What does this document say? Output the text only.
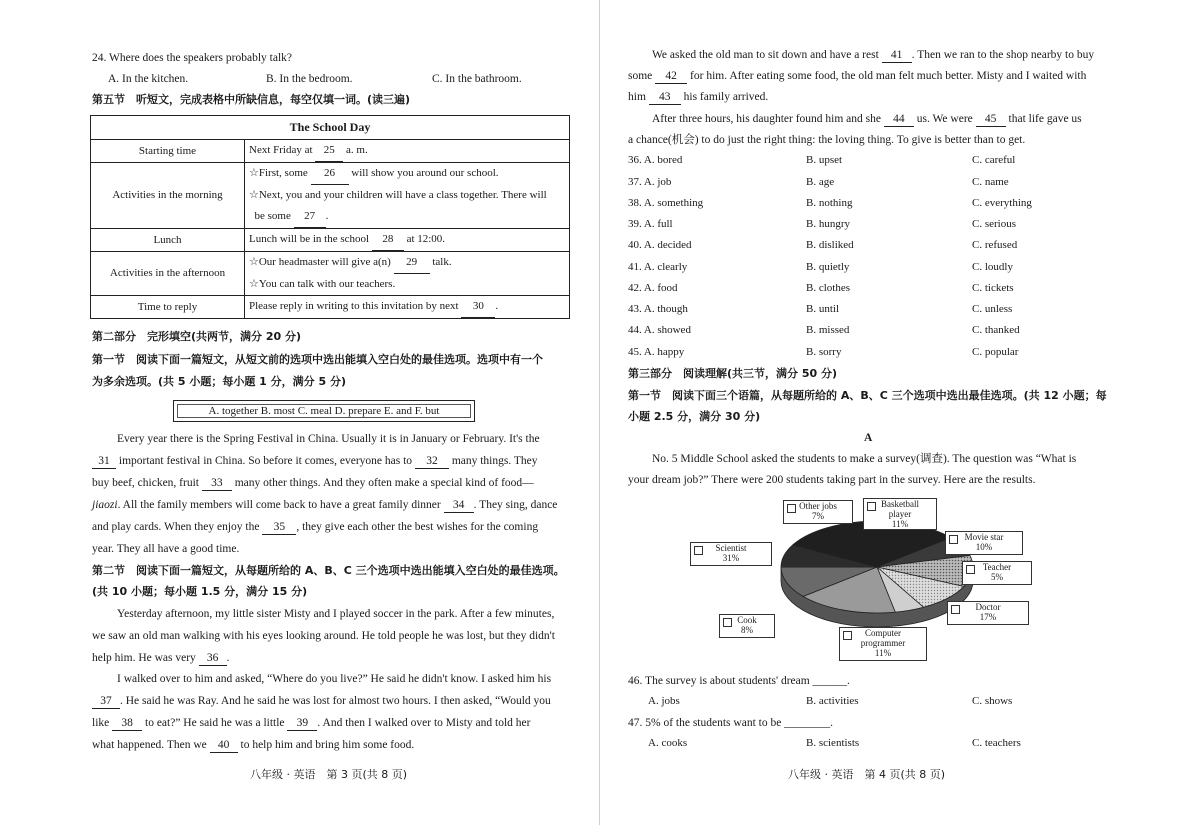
24. Where does the speakers probably talk?
A. In the kitchen.	B. In the bedroom.	C. In the bathroom.
第五节　听短文，完成表格中所缺信息，每空仅填一词。(读三遍)
The School Day	
Starting time	Next Friday at 25 a. m.
Activities in the morning	☆First, some 26 will show you around our school.
☆Next, you and your children will have a class together. There will
be some 27 .

Lunch	Lunch will be in the school 28 at 12:00.
Activities in the afternoon	☆Our headmaster will give a(n) 29 talk.
☆You can talk with our teachers.

Time to reply	Please reply in writing to this invitation by next 30 .
第二部分　完形填空(共两节，满分 20 分)
第一节　阅读下面一篇短文，从短文前的选项中选出能填入空白处的最佳选项。选项中有一个
为多余选项。(共 5 小题；每小题 1 分，满分 5 分)
A. together B. most C. meal D. prepare E. and F. but
Every year there is the Spring Festival in China. Usually it is in January or February. It's the
31 important festival in China. So before it comes, everyone has to 32 many things. They
buy beef, chicken, fruit 33 many other things. And they often make a special kind of food—
jiaozi. All the family members will come back to have a great family dinner 34 . They sing, dance
and play cards. When they enjoy the 35 , they give each other the best wishes for the coming
year. They all have a good time.
第二节　阅读下面一篇短文，从每题所给的 A、B、C 三个选项中选出能填入空白处的最佳选项。
(共 10 小题；每小题 1.5 分，满分 15 分)
Yesterday afternoon, my little sister Misty and I played soccer in the park. After a few minutes,
we saw an old man walking with his eyes looking around. He told people he was lost, but they didn't
help him. He was very 36 .
I walked over to him and asked, “Where do you live?” He said he didn't know. I asked him his
37 . He said he was Ray. And he said he was lost for almost two hours. I then asked, “Would you
like 38 to eat?” He said he was a little 39 . And then I walked over to Misty and told her
what happened. Then we 40 to help him and bring him some food.
八年级 · 英语　第 3 页(共 8 页)
We asked the old man to sit down and have a rest 41 . Then we ran to the shop nearby to buy
some 42 for him. After eating some food, the old man felt much better. Misty and I waited with
him 43 his family arrived.
After three hours, his daughter found him and she 44 us. We were 45 that life gave us
a chance(机会) to do just the right thing: the loving thing. To give is better than to get.
36. A. bored	B. upset	C. careful
37. A. job	B. age	C. name
38. A. something	B. nothing	C. everything
39. A. full	B. hungry	C. serious
40. A. decided	B. disliked	C. refused
41. A. clearly	B. quietly	C. loudly
42. A. food	B. clothes	C. tickets
43. A. though	B. until	C. unless
44. A. showed	B. missed	C. thanked
45. A. happy	B. sorry	C. popular
第三部分　阅读理解(共三节，满分 50 分)
第一节　阅读下面三个语篇，从每题所给的 A、B、C 三个选项中选出最佳选项。(共 12 小题；每
小题 2.5 分，满分 30 分)
A
No. 5 Middle School asked the students to make a survey(调查). The question was “What is
your dream job?” There were 200 students taking part in the survey. Here are the results.
Other jobs
7%
Basketball
player
11%
Movie star
10%
Teacher
5%
Doctor
17%
Computer
programmer
11%
Cook
8%
Scientist
31%
46. The survey is about students' dream ______.
A. jobs	B. activities	C. shows
47. 5% of the students want to be ________.
A. cooks	B. scientists	C. teachers
八年级 · 英语　第 4 页(共 8 页)
